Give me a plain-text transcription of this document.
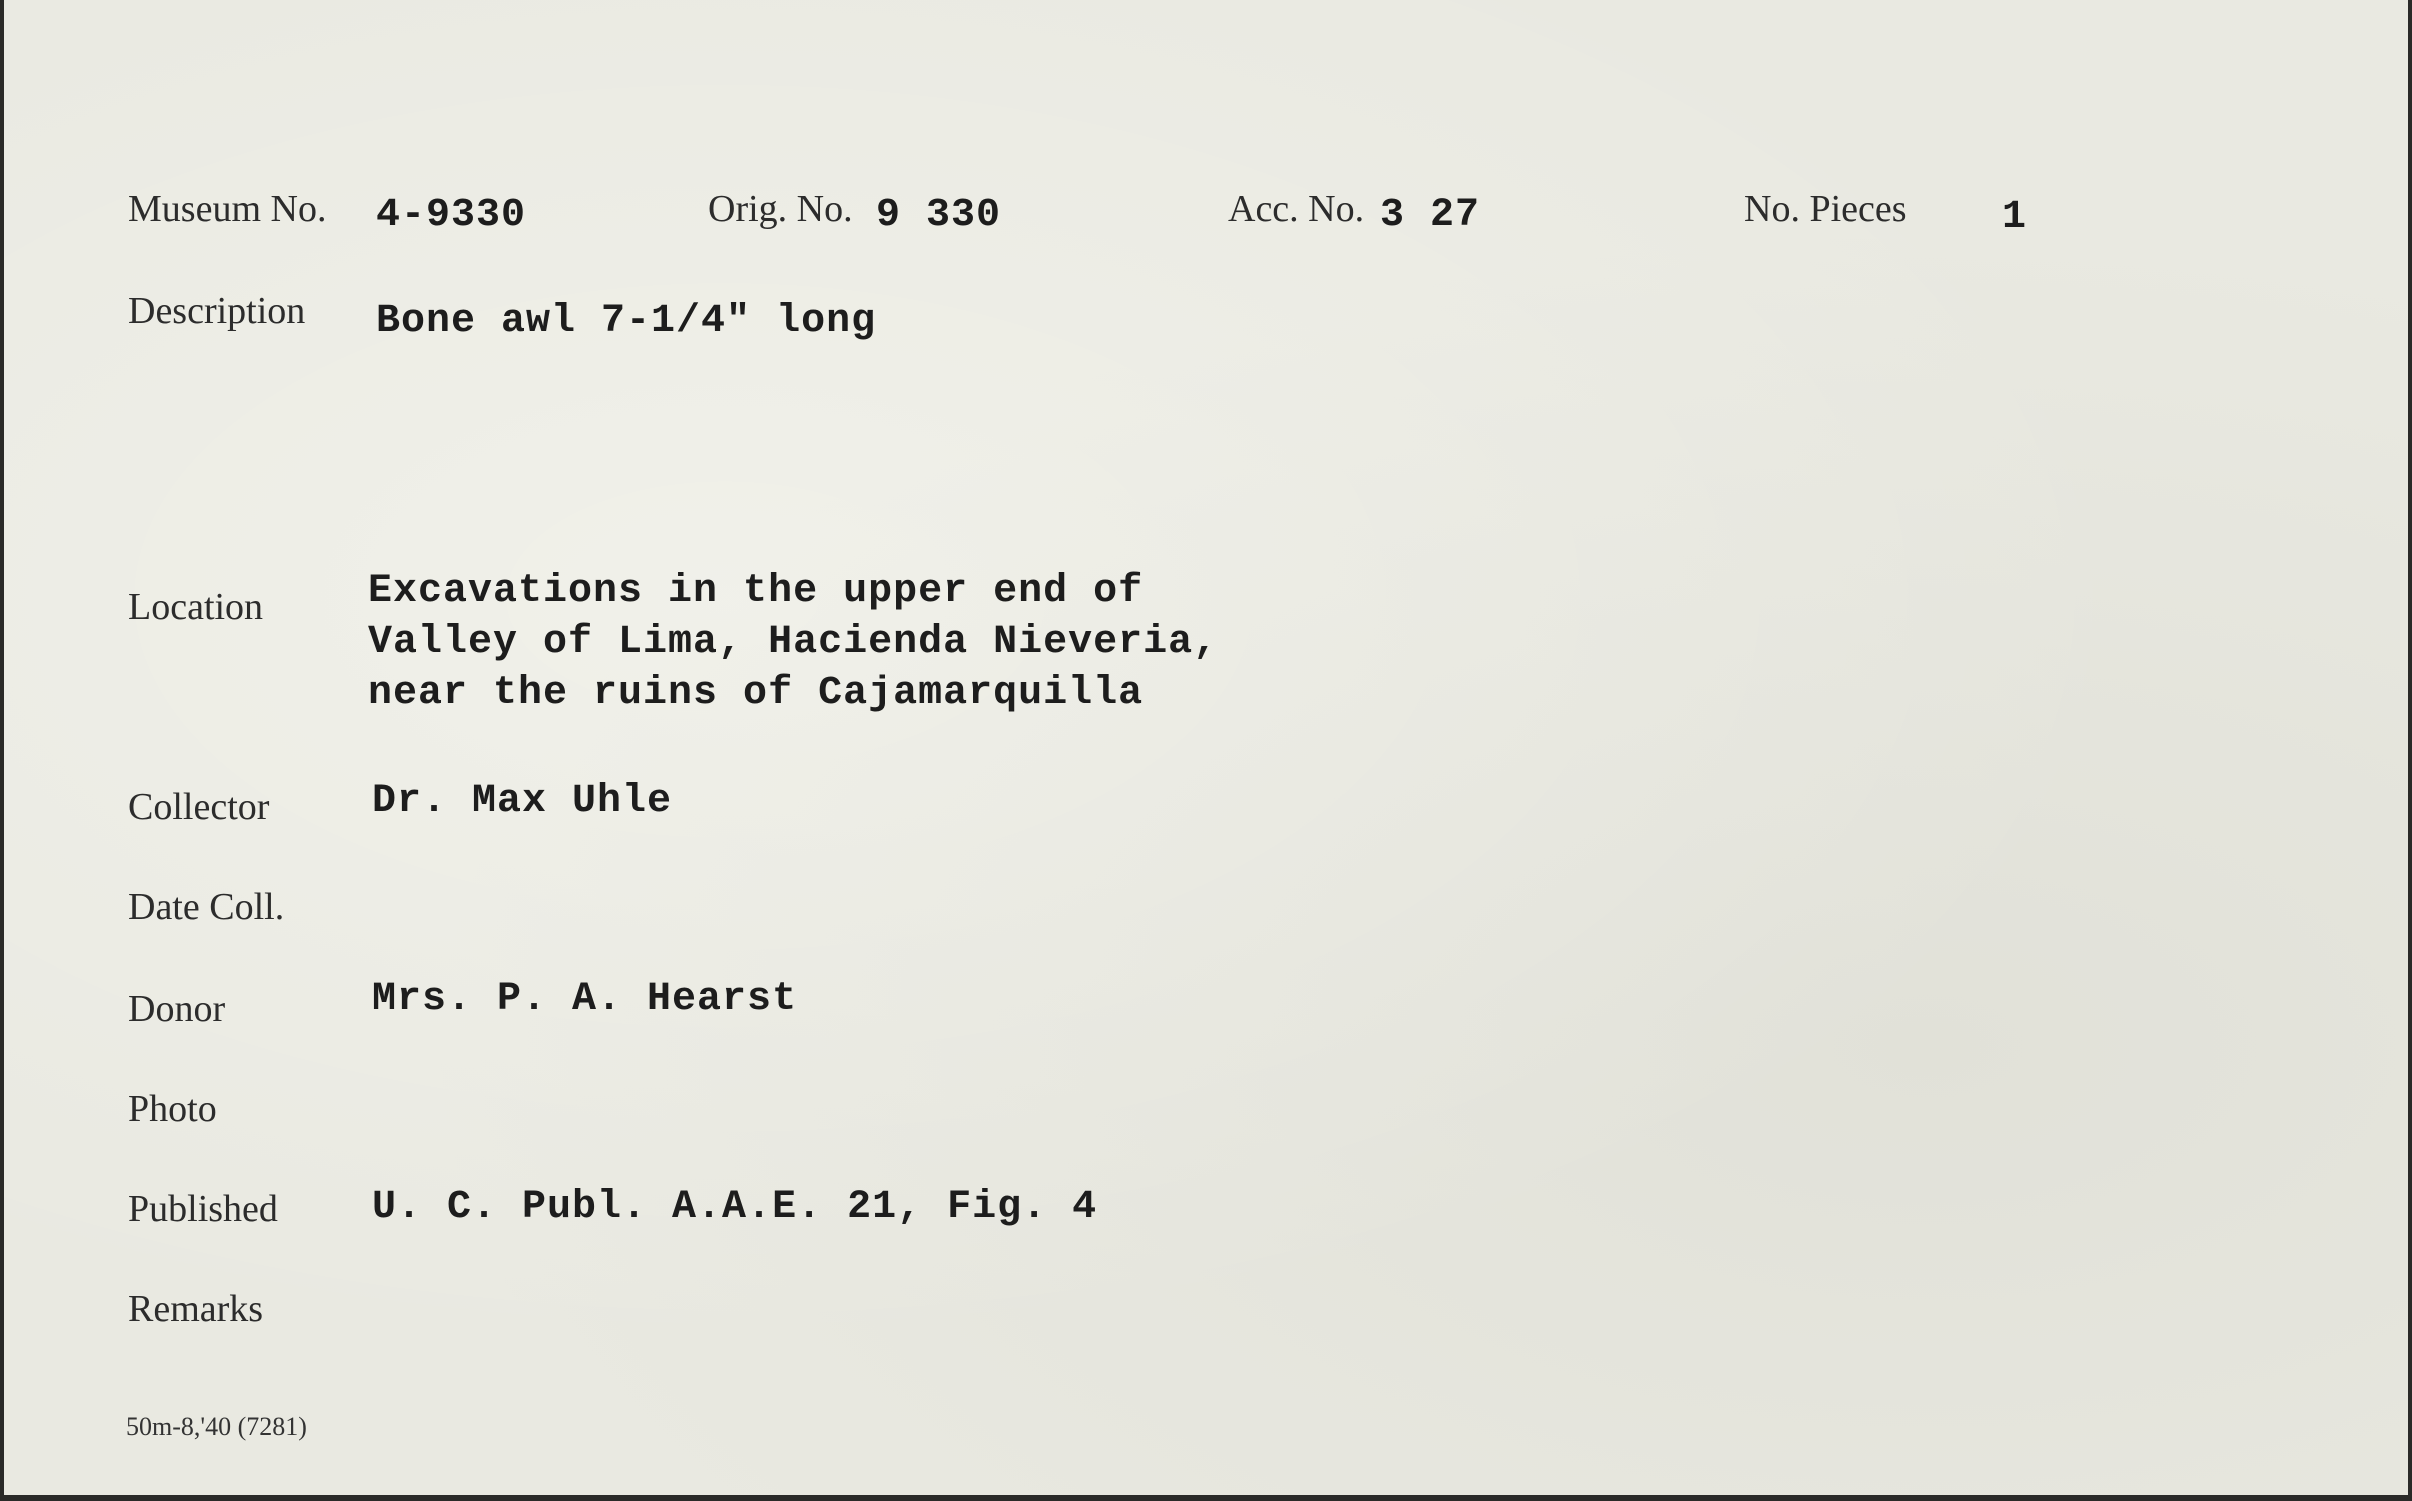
Museum No. 4-9330	Orig. No. 9 330	Acc. No. 3 27	No. Pieces 1
Description Bone awl 7-1/4" long
Location	Excavations in the upper end of
Valley of Lima, Hacienda Nieveria,
near the ruins of Cajamarquilla
Collector	Dr. Max Uhle
Date Coll.
Donor	Mrs. P. A. Hearst
Photo
Published U. C. Publ. A.A.E. 21, Fig. 4
Remarks
50m-8,'40 (7281)
